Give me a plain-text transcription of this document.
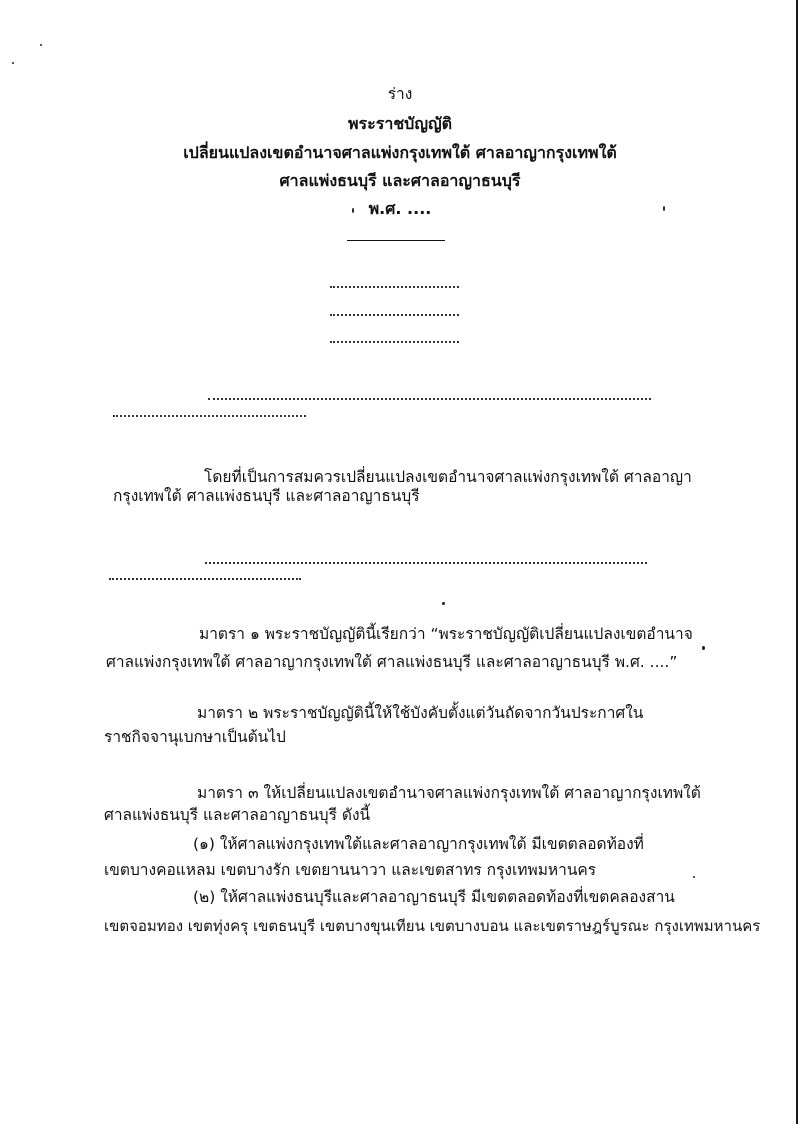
ร่าง
พระราชบัญญัติ
เปลี่ยนแปลงเขตอำนาจศาลแพ่งกรุงเทพใต้ ศาลอาญากรุงเทพใต้
ศาลแพ่งธนบุรี และศาลอาญาธนบุรี
พ.ศ. ....
โดยที่เป็นการสมควรเปลี่ยนแปลงเขตอำนาจศาลแพ่งกรุงเทพใต้ ศาลอาญา
กรุงเทพใต้ ศาลแพ่งธนบุรี และศาลอาญาธนบุรี
มาตรา ๑ พระราชบัญญัตินี้เรียกว่า “พระราชบัญญัติเปลี่ยนแปลงเขตอำนาจ
ศาลแพ่งกรุงเทพใต้ ศาลอาญากรุงเทพใต้ ศาลแพ่งธนบุรี และศาลอาญาธนบุรี พ.ศ. ....”
มาตรา ๒ พระราชบัญญัตินี้ให้ใช้บังคับตั้งแต่วันถัดจากวันประกาศใน
ราชกิจจานุเบกษาเป็นต้นไป
มาตรา ๓ ให้เปลี่ยนแปลงเขตอำนาจศาลแพ่งกรุงเทพใต้ ศาลอาญากรุงเทพใต้
ศาลแพ่งธนบุรี และศาลอาญาธนบุรี ดังนี้
(๑) ให้ศาลแพ่งกรุงเทพใต้และศาลอาญากรุงเทพใต้ มีเขตตลอดท้องที่
เขตบางคอแหลม เขตบางรัก เขตยานนาวา และเขตสาทร กรุงเทพมหานคร
(๒) ให้ศาลแพ่งธนบุรีและศาลอาญาธนบุรี มีเขตตลอดท้องที่เขตคลองสาน
เขตจอมทอง เขตทุ่งครุ เขตธนบุรี เขตบางขุนเทียน เขตบางบอน และเขตราษฎร์บูรณะ กรุงเทพมหานคร
